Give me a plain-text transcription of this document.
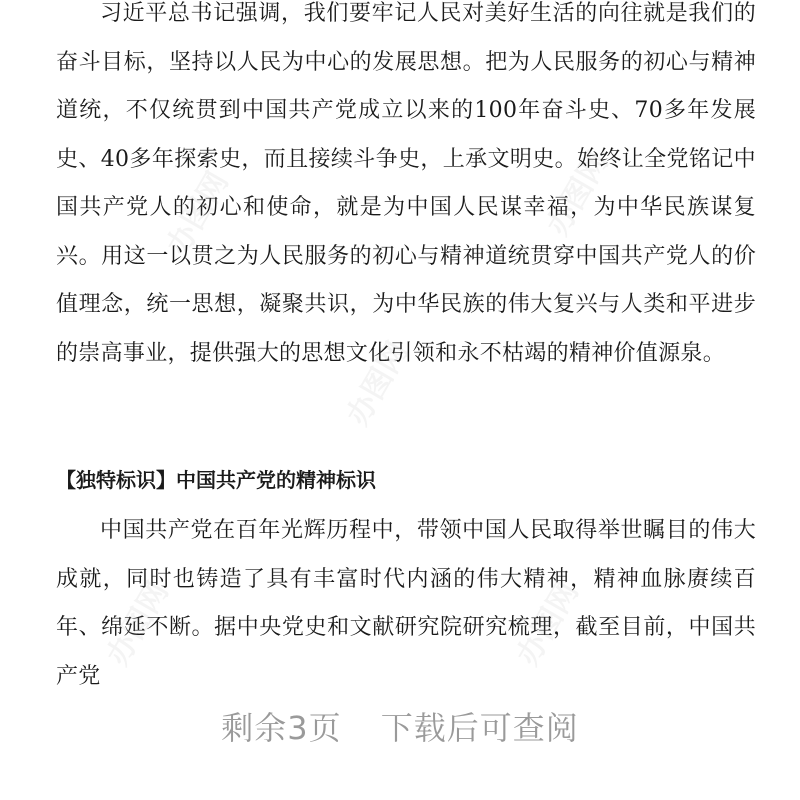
习近平总书记强调，我们要牢记人民对美好生活的向往就是我们的奋斗目标，坚持以人民为中心的发展思想。把为人民服务的初心与精神道统，不仅统贯到中国共产党成立以来的100年奋斗史、70多年发展史、40多年探索史，而且接续斗争史，上承文明史。始终让全党铭记中国共产党人的初心和使命，就是为中国人民谋幸福，为中华民族谋复兴。用这一以贯之为人民服务的初心与精神道统贯穿中国共产党人的价值理念，统一思想，凝聚共识，为中华民族的伟大复兴与人类和平进步的崇高事业，提供强大的思想文化引领和永不枯竭的精神价值源泉。

【独特标识】中国共产党的精神标识

中国共产党在百年光辉历程中，带领中国人民取得举世瞩目的伟大成就，同时也铸造了具有丰富时代内涵的伟大精神，精神血脉赓续百年、绵延不断。据中央党史和文献研究院研究梳理，截至目前，中国共产党

剩余3页 下载后可查阅
办图网
办图网
办图网
办图网	办图网
